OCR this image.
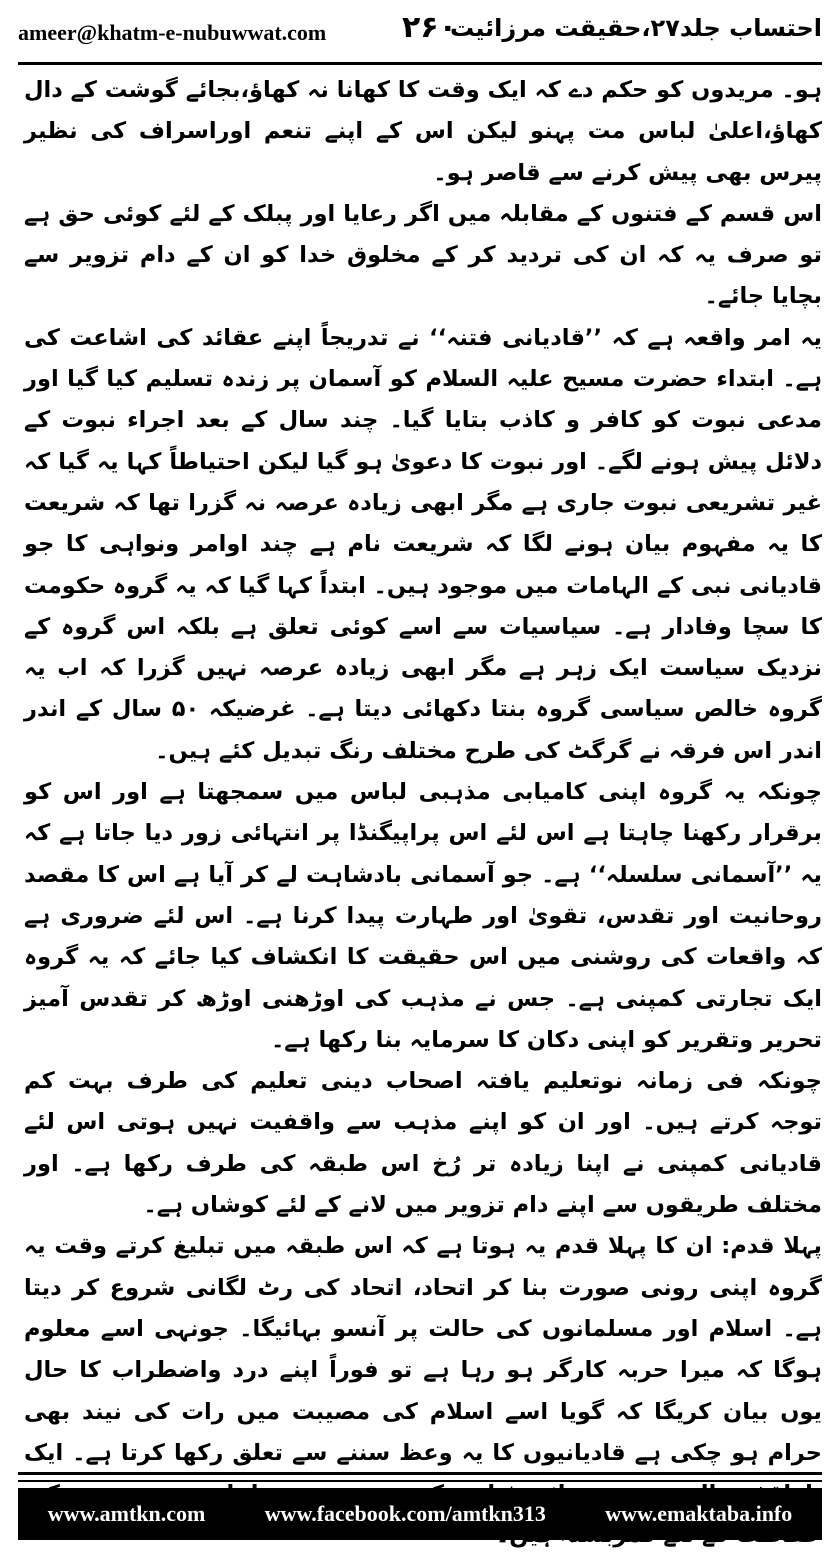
ameer@khatm-e-nubuwwat.com	۲۶۰
احتساب جلد۲۷،حقیقت مرزائیت

ہو۔ مریدوں کو حکم دے کہ ایک وقت کا کھانا نہ کھاؤ،بجائے گوشت کے دال کھاؤ،اعلیٰ لباس مت پہنو لیکن اس کے اپنے تنعم اوراسراف کی نظیر پیرس بھی پیش کرنے سے قاصر ہو۔

اس قسم کے فتنوں کے مقابلہ میں اگر رعایا اور پبلک کے لئے کوئی حق ہے تو صرف یہ کہ ان کی تردید کر کے مخلوق خدا کو ان کے دام تزویر سے بچایا جائے۔

یہ امر واقعہ ہے کہ ’’قادیانی فتنہ‘‘ نے تدریجاً اپنے عقائد کی اشاعت کی ہے۔ ابتداء حضرت مسیح علیہ السلام کو آسمان پر زندہ تسلیم کیا گیا اور مدعی نبوت کو کافر و کاذب بتایا گیا۔ چند سال کے بعد اجراء نبوت کے دلائل پیش ہونے لگے۔ اور نبوت کا دعویٰ ہو گیا لیکن احتیاطاً کہا یہ گیا کہ غیر تشریعی نبوت جاری ہے مگر ابھی زیادہ عرصہ نہ گزرا تھا کہ شریعت کا یہ مفہوم بیان ہونے لگا کہ شریعت نام ہے چند اوامر ونواہی کا جو قادیانی نبی کے الہامات میں موجود ہیں۔ ابتداً کہا گیا کہ یہ گروہ حکومت کا سچا وفادار ہے۔ سیاسیات سے اسے کوئی تعلق ہے بلکہ اس گروہ کے نزدیک سیاست ایک زہر ہے مگر ابھی زیادہ عرصہ نہیں گزرا کہ اب یہ گروہ خالص سیاسی گروہ بنتا دکھائی دیتا ہے۔ غرضیکہ ۵۰ سال کے اندر اندر اس فرقہ نے گرگٹ کی طرح مختلف رنگ تبدیل کئے ہیں۔

چونکہ یہ گروہ اپنی کامیابی مذہبی لباس میں سمجھتا ہے اور اس کو برقرار رکھنا چاہتا ہے اس لئے اس پراپیگنڈا پر انتہائی زور دیا جاتا ہے کہ یہ ’’آسمانی سلسلہ‘‘ ہے۔ جو آسمانی بادشاہت لے کر آیا ہے اس کا مقصد روحانیت اور تقدس، تقویٰ اور طہارت پیدا کرنا ہے۔ اس لئے ضروری ہے کہ واقعات کی روشنی میں اس حقیقت کا انکشاف کیا جائے کہ یہ گروہ ایک تجارتی کمپنی ہے۔ جس نے مذہب کی اوڑھنی اوڑھ کر تقدس آمیز تحریر وتقریر کو اپنی دکان کا سرمایہ بنا رکھا ہے۔

چونکہ فی زمانہ نوتعلیم یافتہ اصحاب دینی تعلیم کی طرف بہت کم توجہ کرتے ہیں۔ اور ان کو اپنے مذہب سے واقفیت نہیں ہوتی اس لئے قادیانی کمپنی نے اپنا زیادہ تر رُخ اس طبقہ کی طرف رکھا ہے۔ اور مختلف طریقوں سے اپنے دام تزویر میں لانے کے لئے کوشاں ہے۔

پہلا قدم: ان کا پہلا قدم یہ ہوتا ہے کہ اس طبقہ میں تبلیغ کرتے وقت یہ گروہ اپنی رونی صورت بنا کر اتحاد، اتحاد کی رٹ لگانی شروع کر دیتا ہے۔ اسلام اور مسلمانوں کی حالت پر آنسو بہائیگا۔ جونہی اسے معلوم ہوگا کہ میرا حربہ کارگر ہو رہا ہے تو فوراً اپنے درد واضطراب کا حال یوں بیان کریگا کہ گویا اسے اسلام کی مصیبت میں رات کی نیند بھی حرام ہو چکی ہے قادیانیوں کا یہ وعظ سننے سے تعلق رکھا کرتا ہے۔ ایک

www.amtkn.com	www.facebook.com/amtkn313	www.emaktaba.info
